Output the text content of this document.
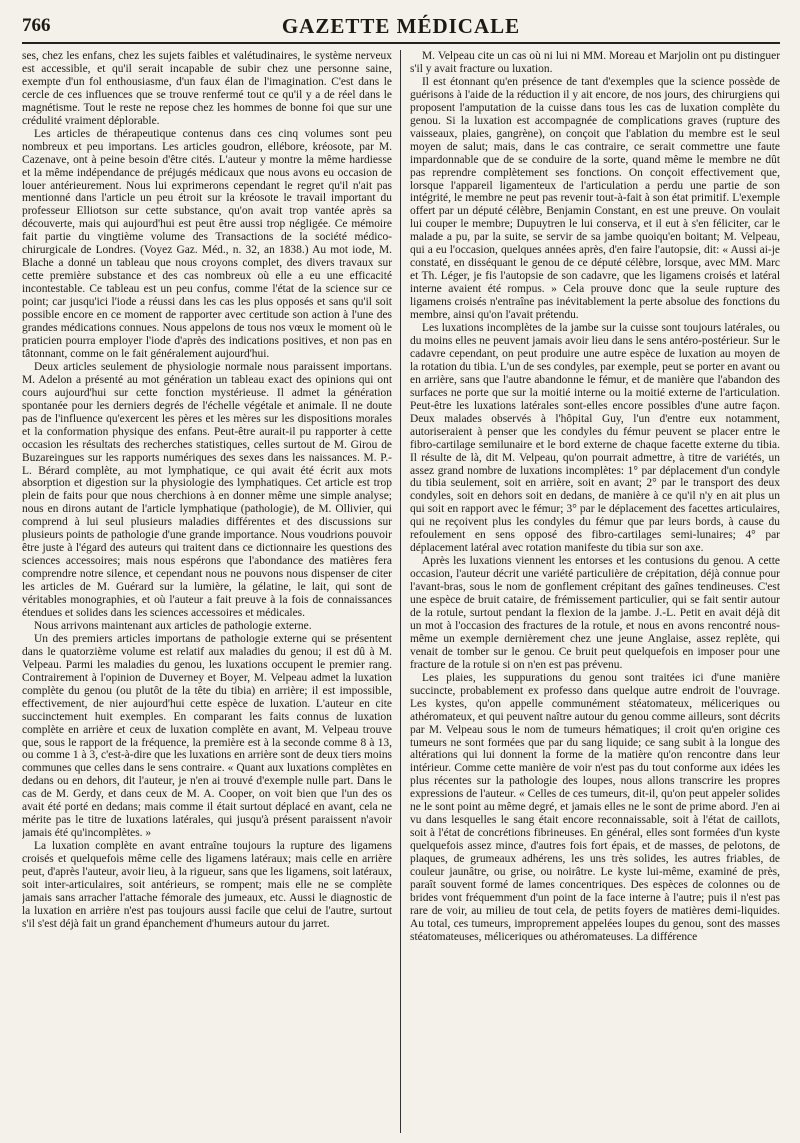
766	GAZETTE MÉDICALE

ses, chez les enfans, chez les sujets faibles et valétudinaires, le système nerveux est accessible, et qu'il serait incapable de subir chez une personne saine, exempte d'un fol enthousiasme, d'un faux élan de l'imagination. C'est dans le cercle de ces influences que se trouve renfermé tout ce qu'il y a de réel dans le magnétisme. Tout le reste ne repose chez les hommes de bonne foi que sur une crédulité vraiment déplorable.

Les articles de thérapeutique contenus dans ces cinq volumes sont peu nombreux et peu importans. Les articles goudron, ellébore, kréosote, par M. Cazenave, ont à peine besoin d'être cités. L'auteur y montre la même hardiesse et la même indépendance de préjugés médicaux que nous avons eu occasion de louer antérieurement. Nous lui exprimerons cependant le regret qu'il n'ait pas mentionné dans l'article un peu étroit sur la kréosote le travail important du professeur Elliotson sur cette substance, qu'on avait trop vantée après sa découverte, mais qui aujourd'hui est peut être aussi trop négligée. Ce mémoire fait partie du vingtième volume des Transactions de la société médico-chirurgicale de Londres. (Voyez Gaz. Méd., n. 32, an 1838.) Au mot iode, M. Blache a donné un tableau que nous croyons complet, des divers travaux sur cette première substance et des cas nombreux où elle a eu une efficacité incontestable. Ce tableau est un peu confus, comme l'état de la science sur ce point; car jusqu'ici l'iode a réussi dans les cas les plus opposés et sans qu'il soit possible encore en ce moment de rapporter avec certitude son action à l'une des grandes médications connues. Nous appelons de tous nos vœux le moment où le praticien pourra employer l'iode d'après des indications positives, et non pas en tâtonnant, comme on le fait généralement aujourd'hui.

Deux articles seulement de physiologie normale nous paraissent importans. M. Adelon a présenté au mot génération un tableau exact des opinions qui ont cours aujourd'hui sur cette fonction mystérieuse. Il admet la génération spontanée pour les derniers degrés de l'échelle végétale et animale. Il ne doute pas de l'influence qu'exercent les pères et les mères sur les dispositions morales et la conformation physique des enfans. Peut-être aurait-il pu rapporter à cette occasion les résultats des recherches statistiques, celles surtout de M. Girou de Buzareingues sur les rapports numériques des sexes dans les naissances. M. P.-L. Bérard complète, au mot lymphatique, ce qui avait été écrit aux mots absorption et digestion sur la physiologie des lymphatiques. Cet article est trop plein de faits pour que nous cherchions à en donner même une simple analyse; nous en dirons autant de l'article lymphatique (pathologie), de M. Ollivier, qui comprend à lui seul plusieurs maladies différentes et des discussions sur plusieurs points de pathologie d'une grande importance. Nous voudrions pouvoir être juste à l'égard des auteurs qui traitent dans ce dictionnaire les questions des sciences accessoires; mais nous espérons que l'abondance des matières fera comprendre notre silence, et cependant nous ne pouvons nous dispenser de citer les articles de M. Guérard sur la lumière, la gélatine, le lait, qui sont de véritables monographies, et où l'auteur a fait preuve à la fois de connaissances étendues et solides dans les sciences accessoires et médicales.

Nous arrivons maintenant aux articles de pathologie externe.

Un des premiers articles importans de pathologie externe qui se présentent dans le quatorzième volume est relatif aux maladies du genou; il est dû à M. Velpeau. Parmi les maladies du genou, les luxations occupent le premier rang. Contrairement à l'opinion de Duverney et Boyer, M. Velpeau admet la luxation complète du genou (ou plutôt de la tête du tibia) en arrière; il est impossible, effectivement, de nier aujourd'hui cette espèce de luxation. L'auteur en cite succinctement huit exemples. En comparant les faits connus de luxation complète en arrière et ceux de luxation complète en avant, M. Velpeau trouve que, sous le rapport de la fréquence, la première est à la seconde comme 8 à 13, ou comme 1 à 3, c'est-à-dire que les luxations en arrière sont de deux tiers moins communes que celles dans le sens contraire. « Quant aux luxations complètes en dedans ou en dehors, dit l'auteur, je n'en ai trouvé d'exemple nulle part. Dans le cas de M. Gerdy, et dans ceux de M. A. Cooper, on voit bien que l'un des os avait été porté en dedans; mais comme il était surtout déplacé en avant, cela ne mérite pas le titre de luxations latérales, qui jusqu'à présent paraissent n'avoir jamais été qu'incomplètes. »

La luxation complète en avant entraîne toujours la rupture des ligamens croisés et quelquefois même celle des ligamens latéraux; mais celle en arrière peut, d'après l'auteur, avoir lieu, à la rigueur, sans que les ligamens, soit latéraux, soit inter-articulaires, soit antérieurs, se rompent; mais elle ne se complète jamais sans arracher l'attache fémorale des jumeaux, etc. Aussi le diagnostic de la luxation en arrière n'est pas toujours aussi facile que celui de l'autre, surtout s'il s'est déjà fait un grand épanchement d'humeurs autour du jarret.

M. Velpeau cite un cas où ni lui ni MM. Moreau et Marjolin ont pu distinguer s'il y avait fracture ou luxation.

Il est étonnant qu'en présence de tant d'exemples que la science possède de guérisons à l'aide de la réduction il y ait encore, de nos jours, des chirurgiens qui proposent l'amputation de la cuisse dans tous les cas de luxation complète du genou. Si la luxation est accompagnée de complications graves (rupture des vaisseaux, plaies, gangrène), on conçoit que l'ablation du membre est le seul moyen de salut; mais, dans le cas contraire, ce serait commettre une faute impardonnable que de se conduire de la sorte, quand même le membre ne dût pas reprendre complètement ses fonctions. On conçoit effectivement que, lorsque l'appareil ligamenteux de l'articulation a perdu une partie de son intégrité, le membre ne peut pas revenir tout-à-fait à son état primitif. L'exemple offert par un député célèbre, Benjamin Constant, en est une preuve. On voulait lui couper le membre; Dupuytren le lui conserva, et il eut à s'en féliciter, car le malade a pu, par la suite, se servir de sa jambe quoiqu'en boitant; M. Velpeau, qui a eu l'occasion, quelques années après, d'en faire l'autopsie, dit: « Aussi ai-je constaté, en disséquant le genou de ce député célèbre, lorsque, avec MM. Marc et Th. Léger, je fis l'autopsie de son cadavre, que les ligamens croisés et latéral interne avaient été rompus. » Cela prouve donc que la seule rupture des ligamens croisés n'entraîne pas inévitablement la perte absolue des fonctions du membre, ainsi qu'on l'avait prétendu.

Les luxations incomplètes de la jambe sur la cuisse sont toujours latérales, ou du moins elles ne peuvent jamais avoir lieu dans le sens antéro-postérieur. Sur le cadavre cependant, on peut produire une autre espèce de luxation au moyen de la rotation du tibia. L'un de ses condyles, par exemple, peut se porter en avant ou en arrière, sans que l'autre abandonne le fémur, et de manière que l'abandon des surfaces ne porte que sur la moitié interne ou la moitié externe de l'articulation. Peut-être les luxations latérales sont-elles encore possibles d'une autre façon. Deux malades observés à l'hôpital Guy, l'un d'entre eux notamment, autoriseraient à penser que les condyles du fémur peuvent se placer entre le fibro-cartilage semilunaire et le bord externe de chaque facette externe du tibia. Il résulte de là, dit M. Velpeau, qu'on pourrait admettre, à titre de variétés, un assez grand nombre de luxations incomplètes: 1° par déplacement d'un condyle du tibia seulement, soit en arrière, soit en avant; 2° par le transport des deux condyles, soit en dehors soit en dedans, de manière à ce qu'il n'y en ait plus un qui soit en rapport avec le fémur; 3° par le déplacement des facettes articulaires, qui ne reçoivent plus les condyles du fémur que par leurs bords, à cause du refoulement en sens opposé des fibro-cartilages semi-lunaires; 4° par déplacement latéral avec rotation manifeste du tibia sur son axe.

Après les luxations viennent les entorses et les contusions du genou. A cette occasion, l'auteur décrit une variété particulière de crépitation, déjà connue pour l'avant-bras, sous le nom de gonflement crépitant des gaînes tendineuses. C'est une espèce de bruit cataire, de frémissement particulier, qui se fait sentir autour de la rotule, surtout pendant la flexion de la jambe. J.-L. Petit en avait déjà dit un mot à l'occasion des fractures de la rotule, et nous en avons rencontré nous-même un exemple dernièrement chez une jeune Anglaise, assez replète, qui venait de tomber sur le genou. Ce bruit peut quelquefois en imposer pour une fracture de la rotule si on n'en est pas prévenu.

Les plaies, les suppurations du genou sont traitées ici d'une manière succincte, probablement ex professo dans quelque autre endroit de l'ouvrage. Les kystes, qu'on appelle communément stéatomateux, méliceriques ou athéromateux, et qui peuvent naître autour du genou comme ailleurs, sont décrits par M. Velpeau sous le nom de tumeurs hématiques; il croit qu'en origine ces tumeurs ne sont formées que par du sang liquide; ce sang subit à la longue des altérations qui lui donnent la forme de la matière qu'on rencontre dans leur intérieur. Comme cette manière de voir n'est pas du tout conforme aux idées les plus récentes sur la pathologie des loupes, nous allons transcrire les propres expressions de l'auteur. « Celles de ces tumeurs, dit-il, qu'on peut appeler solides ne le sont point au même degré, et jamais elles ne le sont de prime abord. J'en ai vu dans lesquelles le sang était encore reconnaissable, soit à l'état de caillots, soit à l'état de concrétions fibrineuses. En général, elles sont formées d'un kyste quelquefois assez mince, d'autres fois fort épais, et de masses, de pelotons, de plaques, de grumeaux adhérens, les uns très solides, les autres friables, de couleur jaunâtre, ou grise, ou noirâtre. Le kyste lui-même, examiné de près, paraît souvent formé de lames concentriques. Des espèces de colonnes ou de brides vont fréquemment d'un point de la face interne à l'autre; puis il n'est pas rare de voir, au milieu de tout cela, de petits foyers de matières demi-liquides. Au total, ces tumeurs, improprement appelées loupes du genou, sont des masses stéatomateuses, méliceriques ou athéromateuses. La différence
